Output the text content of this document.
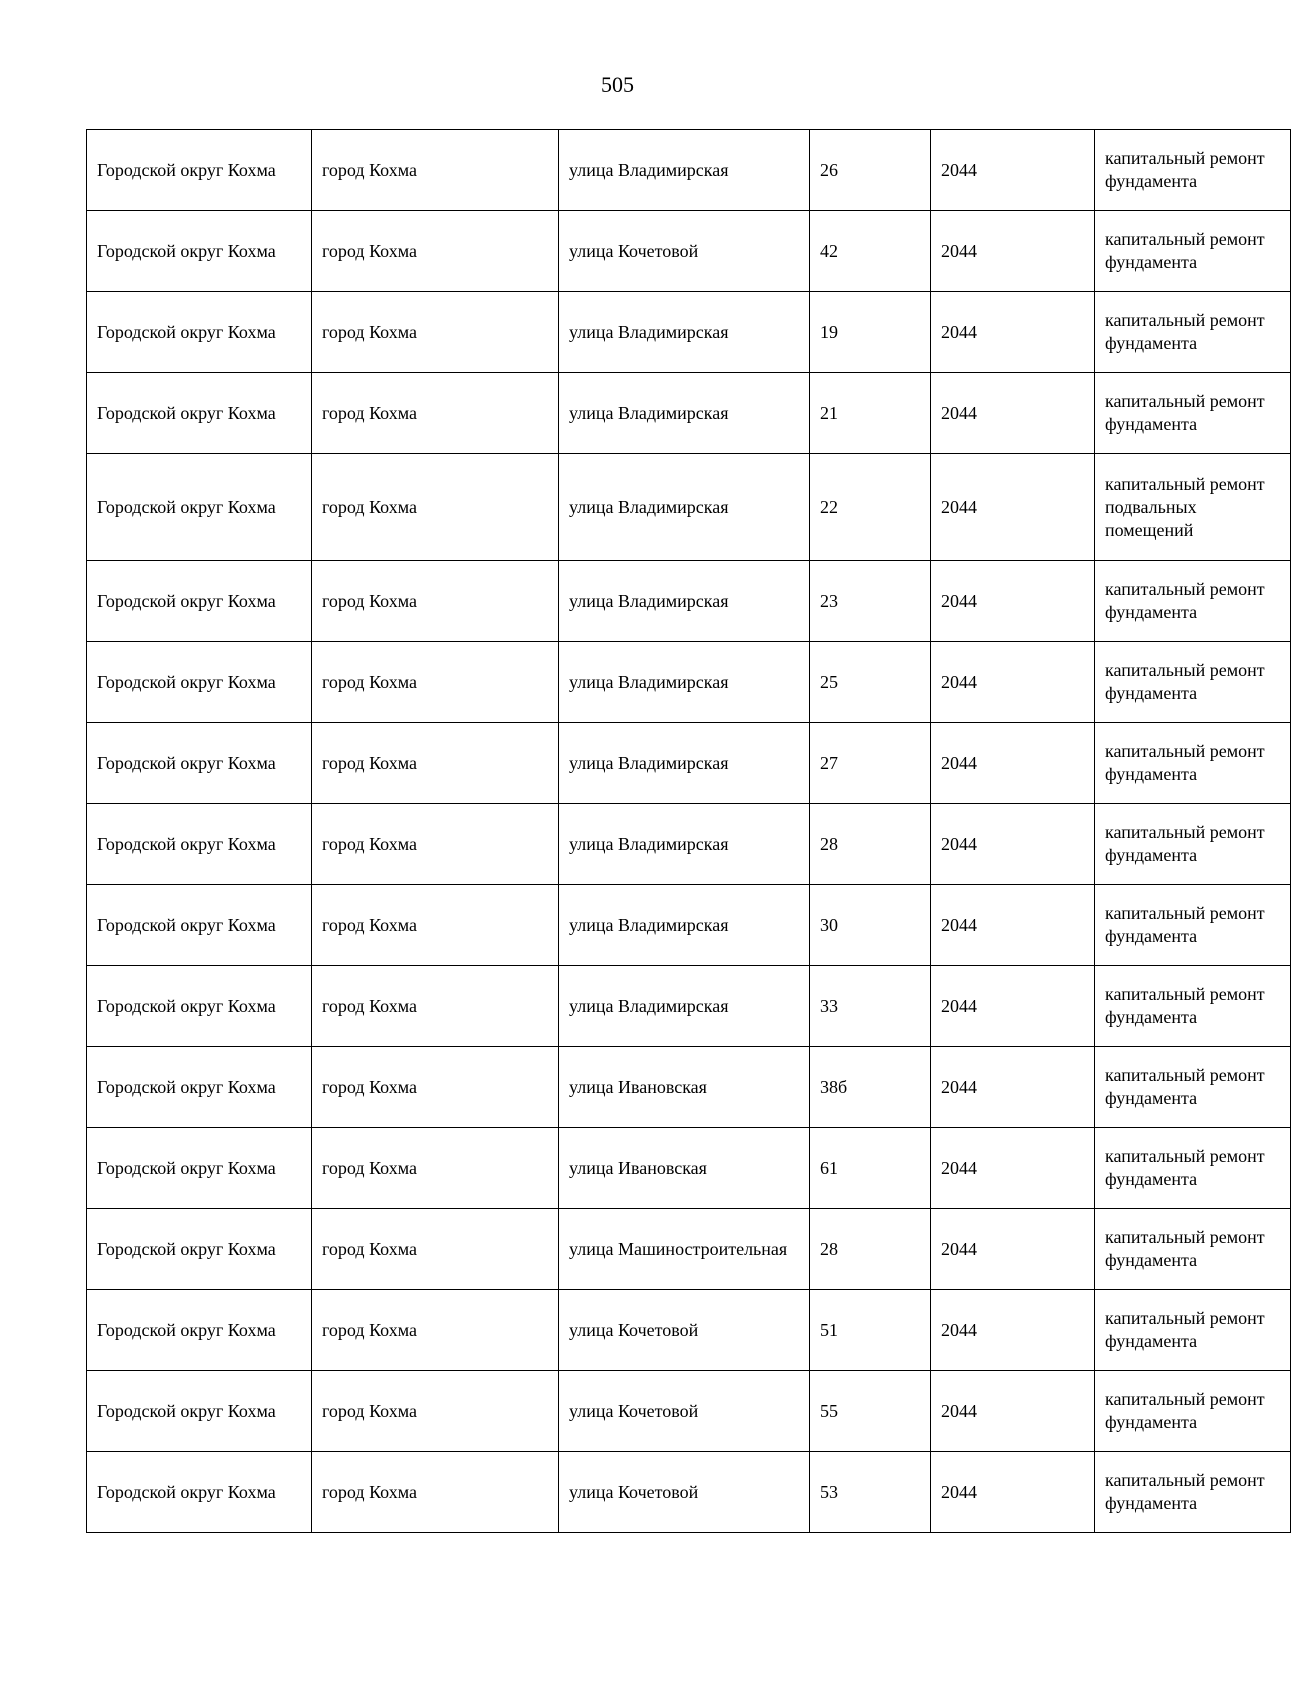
505
Городской округ Кохма	город Кохма	улица Владимирская	26	2044	капитальный ремонт фундамента

Городской округ Кохма	город Кохма	улица Кочетовой	42	2044	капитальный ремонт фундамента

Городской округ Кохма	город Кохма	улица Владимирская	19	2044	капитальный ремонт фундамента

Городской округ Кохма	город Кохма	улица Владимирская	21	2044	капитальный ремонт фундамента

Городской округ Кохма	город Кохма	улица Владимирская	22	2044	капитальный ремонт подвальных помещений

Городской округ Кохма	город Кохма	улица Владимирская	23	2044	капитальный ремонт фундамента

Городской округ Кохма	город Кохма	улица Владимирская	25	2044	капитальный ремонт фундамента

Городской округ Кохма	город Кохма	улица Владимирская	27	2044	капитальный ремонт фундамента

Городской округ Кохма	город Кохма	улица Владимирская	28	2044	капитальный ремонт фундамента

Городской округ Кохма	город Кохма	улица Владимирская	30	2044	капитальный ремонт фундамента

Городской округ Кохма	город Кохма	улица Владимирская	33	2044	капитальный ремонт фундамента

Городской округ Кохма	город Кохма	улица Ивановская	38б	2044	капитальный ремонт фундамента

Городской округ Кохма	город Кохма	улица Ивановская	61	2044	капитальный ремонт фундамента

Городской округ Кохма	город Кохма	улица Машиностроительная	28	2044	капитальный ремонт фундамента

Городской округ Кохма	город Кохма	улица Кочетовой	51	2044	капитальный ремонт фундамента

Городской округ Кохма	город Кохма	улица Кочетовой	55	2044	капитальный ремонт фундамента

Городской округ Кохма	город Кохма	улица Кочетовой	53	2044	капитальный ремонт фундамента
